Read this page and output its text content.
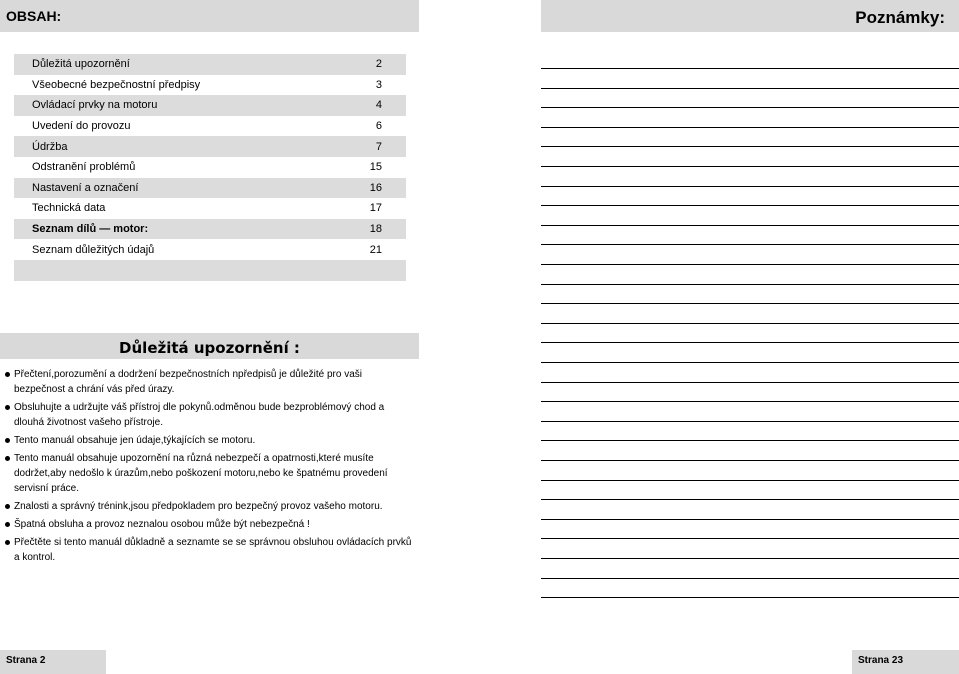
OBSAH:	Poznámky:
Důležitá upozornění	2
Všeobecné bezpečnostní předpisy	3
Ovládací prvky na motoru	4
Uvedení do provozu	6
Údržba	7
Odstranění problémů	15
Nastavení a označení	16
Technická data	17
Seznam dílů — motor:	18
Seznam důležitých údajů	21
Důležitá upozornění :
Přečtení,porozumění a dodržení bezpečnostních npředpisů je důležité pro vaši bezpečnost a chrání vás před úrazy.
Obsluhujte a udržujte váš přístroj dle pokynů.odměnou bude bezproblémový chod a dlouhá životnost vašeho přístroje.
Tento manuál obsahuje jen údaje,týkajících se motoru.
Tento manuál obsahuje upozornění na různá nebezpečí a opatrnosti,které musíte dodržet,aby nedošlo k úrazům,nebo poškození motoru,nebo ke špatnému provedení servisní práce.
Znalosti a správný trénink,jsou předpokladem pro bezpečný provoz vašeho motoru.
Špatná obsluha a provoz neznalou osobou může být nebezpečná !
Přečtěte si tento manuál důkladně a seznamte se se správnou obsluhou ovládacích prvků a kontrol.
Strana 2	Strana 23
